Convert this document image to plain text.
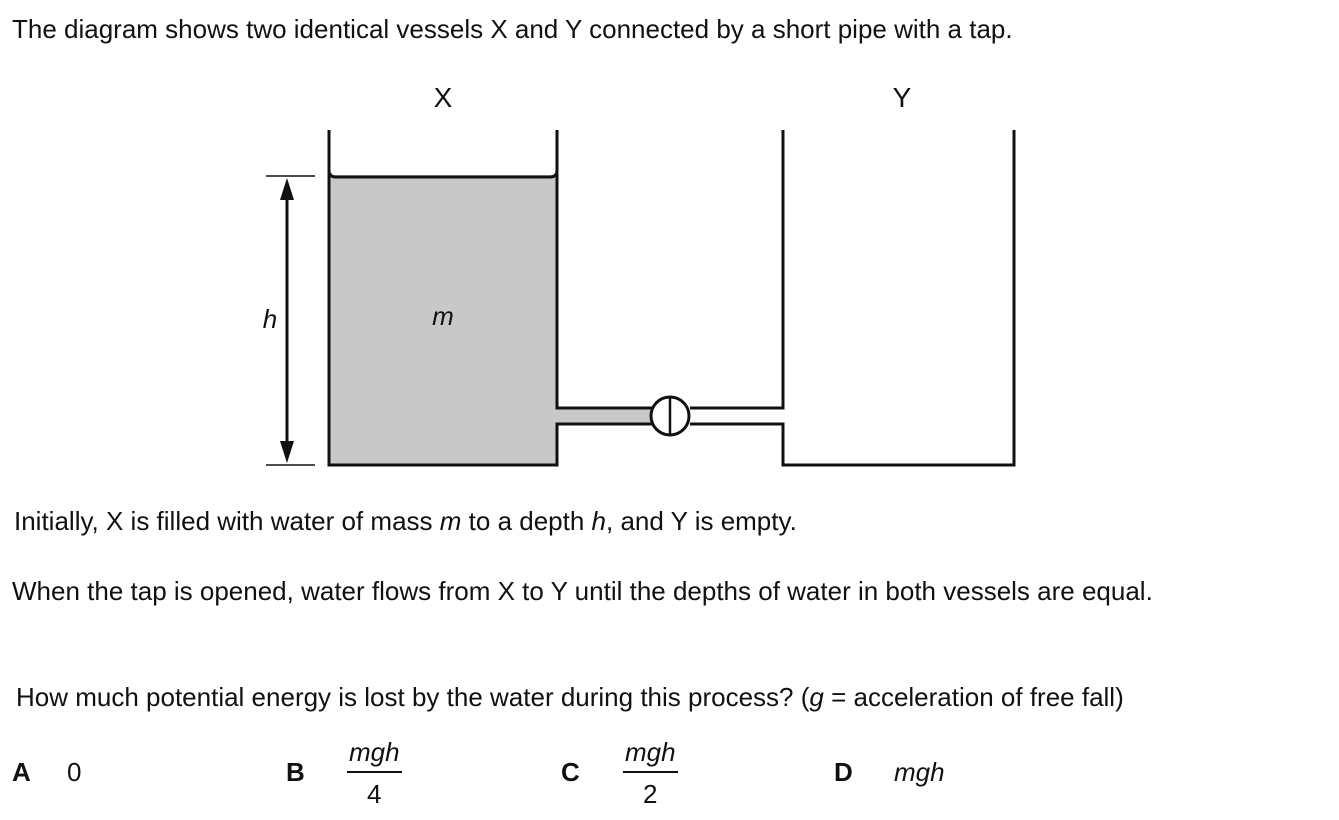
The diagram shows two identical vessels X and Y connected by a short pipe with a tap.
X	Y
h	m
Initially, X is filled with water of mass m to a depth h, and Y is empty.
When the tap is opened, water flows from X to Y until the depths of water in both vessels are equal.
How much potential energy is lost by the water during this process? (g = acceleration of free fall)
A 0	B
mgh
4
C
mgh
2
D mgh
